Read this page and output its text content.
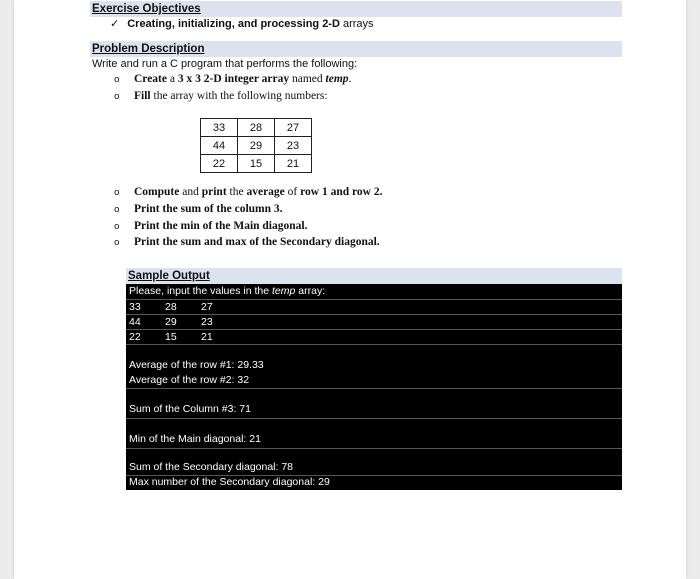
Exercise Objectives
✓ Creating, initializing, and processing 2-D arrays
Problem Description
Write and run a C program that performs the following:
o Create a 3 x 3 2-D integer array named temp.
o Fill the array with the following numbers:
33	28	27
44	29	23
22	15	21
o Compute and print the average of row 1 and row 2.
o Print the sum of the column 3.
o Print the min of the Main diagonal.
o Print the sum and max of the Secondary diagonal.
Sample Output
Please, input the values in the temp array:
33 28 27
44 29 23
22 15 21
Average of the row #1: 29.33
Average of the row #2: 32
Sum of the Column #3: 71
Min of the Main diagonal: 21
Sum of the Secondary diagonal: 78
Max number of the Secondary diagonal: 29
